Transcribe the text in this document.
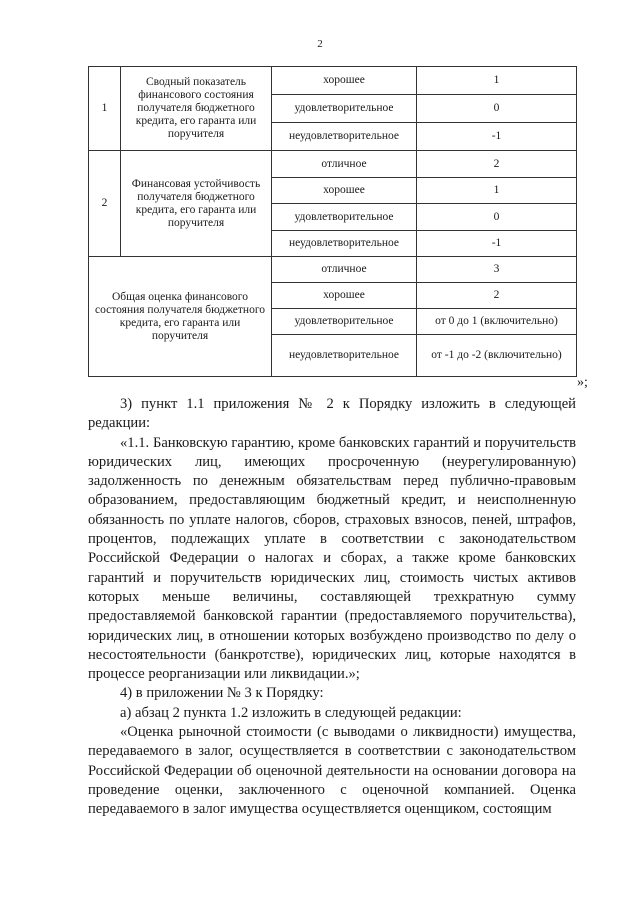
2
1	Сводный показатель финансового состояния получателя бюджетного кредита, его гаранта или поручителя	хорошее	1
		удовлетворительное	0
		неудовлетворительное	-1
2	Финансовая устойчивость получателя бюджетного кредита, его гаранта или поручителя	отличное	2
		хорошее	1
		удовлетворительное	0
		неудовлетворительное	-1
Общая оценка финансового состояния получателя бюджетного кредита, его гаранта или поручителя		отличное	3
		хорошее	2
		удовлетворительное	от 0 до 1 (включительно)
		неудовлетворительное	от -1 до -2 (включительно)
»;

3) пункт 1.1 приложения № 2 к Порядку изложить в следующей редакции:

«1.1. Банковскую гарантию, кроме банковских гарантий и поручительств юридических лиц, имеющих просроченную (неурегулированную) задолженность по денежным обязательствам перед публично-правовым образованием, предоставляющим бюджетный кредит, и неисполненную обязанность по уплате налогов, сборов, страховых взносов, пеней, штрафов, процентов, подлежащих уплате в соответствии с законодательством Российской Федерации о налогах и сборах, а также кроме банковских гарантий и поручительств юридических лиц, стоимость чистых активов которых меньше величины, составляющей трехкратную сумму предоставляемой банковской гарантии (предоставляемого поручительства), юридических лиц, в отношении которых возбуждено производство по делу о несостоятельности (банкротстве), юридических лиц, которые находятся в процессе реорганизации или ликвидации.»;

4) в приложении № 3 к Порядку:

а) абзац 2 пункта 1.2 изложить в следующей редакции:

«Оценка рыночной стоимости (с выводами о ликвидности) имущества, передаваемого в залог, осуществляется в соответствии с законодательством Российской Федерации об оценочной деятельности на основании договора на проведение оценки, заключенного с оценочной компанией. Оценка передаваемого в залог имущества осуществляется оценщиком, состоящим
